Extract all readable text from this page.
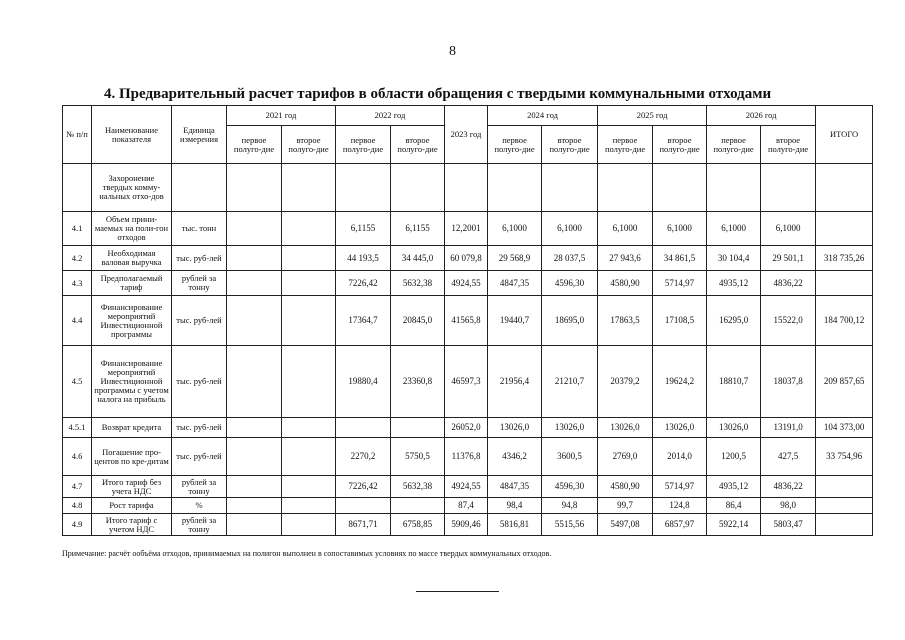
8
4. Предварительный расчет тарифов в области обращения с твердыми коммунальными отходами
№ п/п	Наименование показателя	Единица измерения	2021 год		2022 год		2023 год	2024 год		2025 год		2026 год		ИТОГО
			первое полуго-дие	второе полуго-дие	первое полуго-дие	второе полуго-дие		первое полуго-дие	второе полуго-дие	первое полуго-дие	второе полуго-дие	первое полуго-дие	второе полуго-дие	
	Захоронение твердых комму-нальных отхо-дов													
4.1	Объем прини-маемых на поли-гон отходов	тыс. тонн			6,1155	6,1155	12,2001	6,1000	6,1000	6,1000	6,1000	6,1000	6,1000	
4.2	Необходимая валовая выручка	тыс. руб-лей			44 193,5	34 445,0	60 079,8	29 568,9	28 037,5	27 943,6	34 861,5	30 104,4	29 501,1	318 735,26
4.3	Предполагаемый тариф	рублей за тонну			7226,42	5632,38	4924,55	4847,35	4596,30	4580,90	5714,97	4935,12	4836,22	
4.4	Финансирование мероприятий Инвестиционной программы	тыс. руб-лей			17364,7	20845,0	41565,8	19440,7	18695,0	17863,5	17108,5	16295,0	15522,0	184 700,12
4.5	Финансирование мероприятий Инвестиционной программы с учетом налога на прибыль	тыс. руб-лей			19880,4	23360,8	46597,3	21956,4	21210,7	20379,2	19624,2	18810,7	18037,8	209 857,65
4.5.1	Возврат кредита	тыс. руб-лей					26052,0	13026,0	13026,0	13026,0	13026,0	13026,0	13191,0	104 373,00
4.6	Погашение про-центов по кре-дитам	тыс. руб-лей			2270,2	5750,5	11376,8	4346,2	3600,5	2769,0	2014,0	1200,5	427,5	33 754,96
4.7	Итого тариф без учета НДС	рублей за тонну			7226,42	5632,38	4924,55	4847,35	4596,30	4580,90	5714,97	4935,12	4836,22	
4.8	Рост тарифа	%					87,4	98,4	94,8	99,7	124,8	86,4	98,0	
4.9	Итого тариф с учетом НДС	рублей за тонну			8671,71	6758,85	5909,46	5816,81	5515,56	5497,08	6857,97	5922,14	5803,47	
Примечание: расчёт ообъёма отходов, принимаемых на полигон выполнен в сопоставимых условиях по массе твердых коммунальных отходов.
